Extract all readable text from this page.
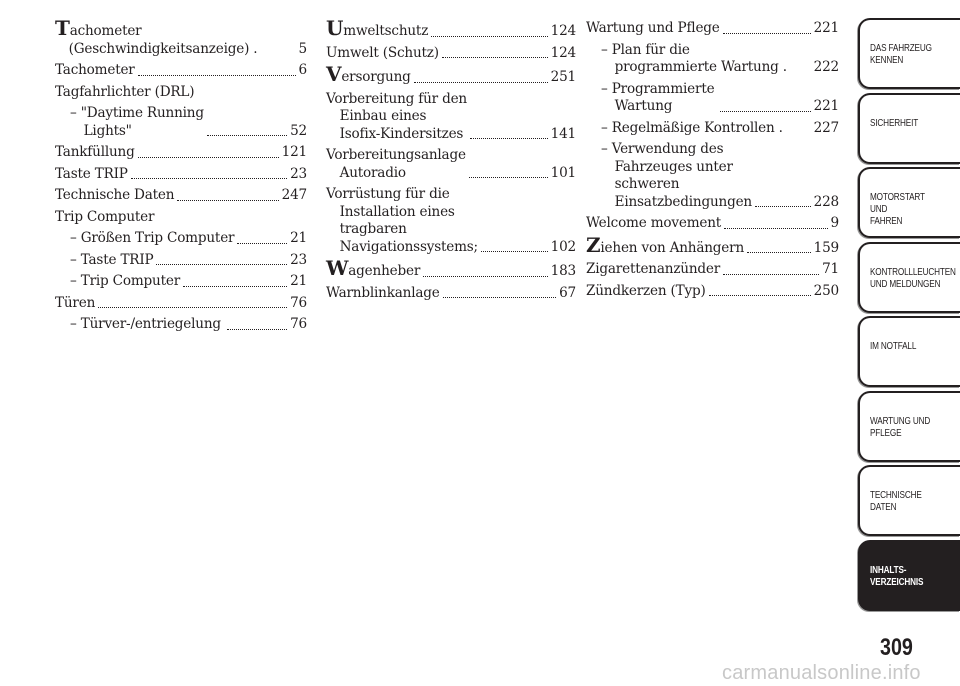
Tachometer
(Geschwindigkeitsanzeige) .	5
Tachometer	6
Tagfahrlichter (DRL)
– "Daytime Running
Lights"	52
Tankfüllung	121
Taste TRIP	23
Technische Daten	247
Trip Computer
– Größen Trip Computer	21
– Taste TRIP	23
– Trip Computer	21
Türen	76
– Türver-/entriegelung	76
Umweltschutz	124
Umwelt (Schutz)	124
Versorgung	251
Vorbereitung für den
Einbau eines
Isofix-Kindersitzes	141
Vorbereitungsanlage
Autoradio	101
Vorrüstung für die
Installation eines
tragbaren
Navigationssystems;	102
Wagenheber	183
Warnblinkanlage	67
Wartung und Pflege	221
– Plan für die
programmierte Wartung . 222
– Programmierte
Wartung	221
– Regelmäßige Kontrollen . 227
– Verwendung des
Fahrzeuges unter
schweren
Einsatzbedingungen	228
Welcome movement	9
Ziehen von Anhängern	159
Zigarettenanzünder	71
Zündkerzen (Typ)	250
DAS FAHRZEUG
KENNEN
SICHERHEIT
MOTORSTART UND
FAHREN
KONTROLLLEUCHTEN
UND MELDUNGEN
IM NOTFALL
WARTUNG UND
PFLEGE
TECHNISCHE
DATEN
INHALTS-
VERZEICHNIS
309
carmanualsonline.info
